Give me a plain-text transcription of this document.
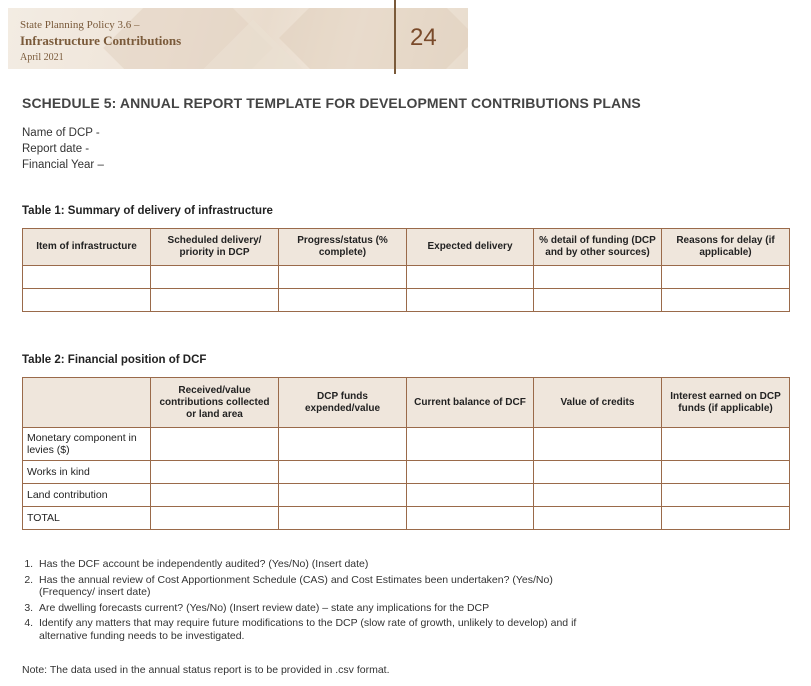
State Planning Policy 3.6 –
Infrastructure Contributions
April 2021
24
SCHEDULE 5: ANNUAL REPORT TEMPLATE FOR DEVELOPMENT CONTRIBUTIONS PLANS
Name of DCP -
Report date -
Financial Year –
Table 1: Summary of delivery of infrastructure
Item of infrastructure	Scheduled delivery/ priority in DCP	Progress/status (% complete)	Expected delivery	% detail of funding (DCP and by other sources)	Reasons for delay (if applicable)

Table 2: Financial position of DCF
	Received/value contributions collected or land area	DCP funds expended/value	Current balance of DCF	Value of credits	Interest earned on DCP funds (if applicable)
Monetary component in levies ($)					
Works in kind					
Land contribution					
TOTAL					
1. Has the DCF account be independently audited? (Yes/No) (Insert date)
2. Has the annual review of Cost Apportionment Schedule (CAS) and Cost Estimates been undertaken? (Yes/No) (Frequency/ insert date)
3. Are dwelling forecasts current? (Yes/No) (Insert review date) – state any implications for the DCP
4. Identify any matters that may require future modifications to the DCP (slow rate of growth, unlikely to develop) and if alternative funding needs to be investigated.
Note: The data used in the annual status report is to be provided in .csv format.
